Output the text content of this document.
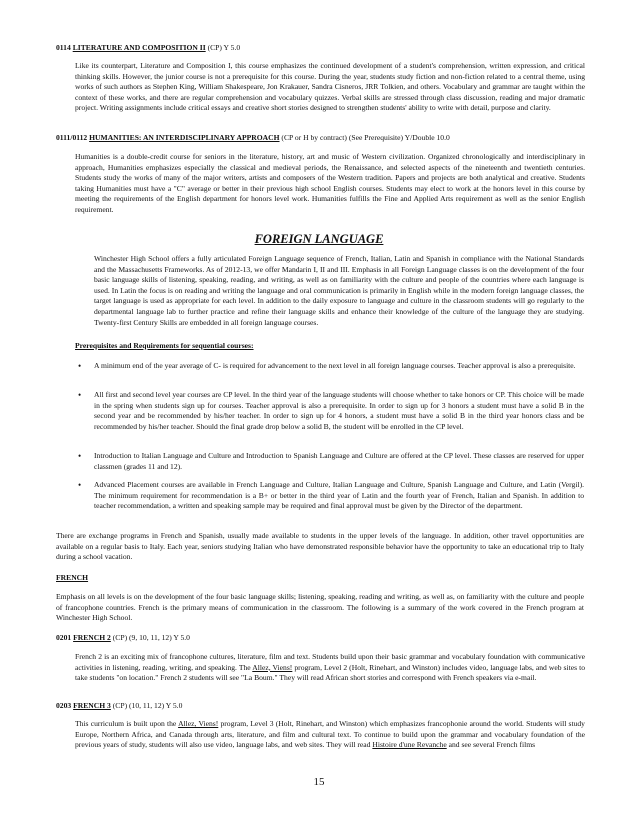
0114 LITERATURE AND COMPOSITION II (CP) Y 5.0

Like its counterpart, Literature and Composition I, this course emphasizes the continued development of a student's comprehension, written expression, and critical thinking skills. However, the junior course is not a prerequisite for this course. During the year, students study fiction and non-fiction related to a central theme, using works of such authors as Stephen King, William Shakespeare, Jon Krakauer, Sandra Cisneros, JRR Tolkien, and others. Vocabulary and grammar are taught within the context of these works, and there are regular comprehension and vocabulary quizzes. Verbal skills are stressed through class discussion, reading and major dramatic project. Writing assignments include critical essays and creative short stories designed to strengthen students' ability to write with detail, purpose and clarity.

0111/0112 HUMANITIES: AN INTERDISCIPLINARY APPROACH (CP or H by contract) (See Prerequisite) Y/Double 10.0

Humanities is a double-credit course for seniors in the literature, history, art and music of Western civilization. Organized chronologically and interdisciplinary in approach, Humanities emphasizes especially the classical and medieval periods, the Renaissance, and selected aspects of the nineteenth and twentieth centuries. Students study the works of many of the major writers, artists and composers of the Western tradition. Papers and projects are both analytical and creative. Students taking Humanities must have a "C" average or better in their previous high school English courses. Students may elect to work at the honors level in this course by meeting the requirements of the English department for honors level work. Humanities fulfills the Fine and Applied Arts requirement as well as the senior English requirement.

FOREIGN LANGUAGE

Winchester High School offers a fully articulated Foreign Language sequence of French, Italian, Latin and Spanish in compliance with the National Standards and the Massachusetts Frameworks. As of 2012-13, we offer Mandarin I, II and III. Emphasis in all Foreign Language classes is on the development of the four basic language skills of listening, speaking, reading, and writing, as well as on familiarity with the culture and people of the countries where each language is used. In Latin the focus is on reading and writing the language and oral communication is primarily in English while in the modern foreign language classes, the target language is used as appropriate for each level. In addition to the daily exposure to language and culture in the classroom students will go regularly to the departmental language lab to further practice and refine their language skills and enhance their knowledge of the culture of the language they are studying. Twenty-first Century Skills are embedded in all foreign language courses.

Prerequisites and Requirements for sequential courses:

•	A minimum end of the year average of C- is required for advancement to the next level in all foreign language courses. Teacher approval is also a prerequisite.

•	All first and second level year courses are CP level. In the third year of the language students will choose whether to take honors or CP. This choice will be made in the spring when students sign up for courses. Teacher approval is also a prerequisite. In order to sign up for 3 honors a student must have a solid B in the second year and be recommended by his/her teacher. In order to sign up for 4 honors, a student must have a solid B in the third year honors class and be recommended by his/her teacher. Should the final grade drop below a solid B, the student will be enrolled in the CP level.

•	Introduction to Italian Language and Culture and Introduction to Spanish Language and Culture are offered at the CP level. These classes are reserved for upper classmen (grades 11 and 12).

•	Advanced Placement courses are available in French Language and Culture, Italian Language and Culture, Spanish Language and Culture, and Latin (Vergil). The minimum requirement for recommendation is a B+ or better in the third year of Latin and the fourth year of French, Italian and Spanish. In addition to teacher recommendation, a written and speaking sample may be required and final approval must be given by the Director of the department.

There are exchange programs in French and Spanish, usually made available to students in the upper levels of the language. In addition, other travel opportunities are available on a regular basis to Italy. Each year, seniors studying Italian who have demonstrated responsible behavior have the opportunity to take an educational trip to Italy during a school vacation.

FRENCH

Emphasis on all levels is on the development of the four basic language skills; listening, speaking, reading and writing, as well as, on familiarity with the culture and people of francophone countries. French is the primary means of communication in the classroom. The following is a summary of the work covered in the French program at Winchester High School.

0201 FRENCH 2 (CP) (9, 10, 11, 12) Y 5.0

French 2 is an exciting mix of francophone cultures, literature, film and text. Students build upon their basic grammar and vocabulary foundation with communicative activities in listening, reading, writing, and speaking. The Allez, Viens! program, Level 2 (Holt, Rinehart, and Winston) includes video, language labs, and web sites to take students "on location." French 2 students will see "La Boum." They will read African short stories and correspond with French speakers via e-mail.

0203 FRENCH 3 (CP) (10, 11, 12) Y 5.0

This curriculum is built upon the Allez, Viens! program, Level 3 (Holt, Rinehart, and Winston) which emphasizes francophonie around the world. Students will study Europe, Northern Africa, and Canada through arts, literature, and film and cultural text. To continue to build upon the grammar and vocabulary foundation of the previous years of study, students will also use video, language labs, and web sites. They will read Histoire d'une Revanche and see several French films

15
